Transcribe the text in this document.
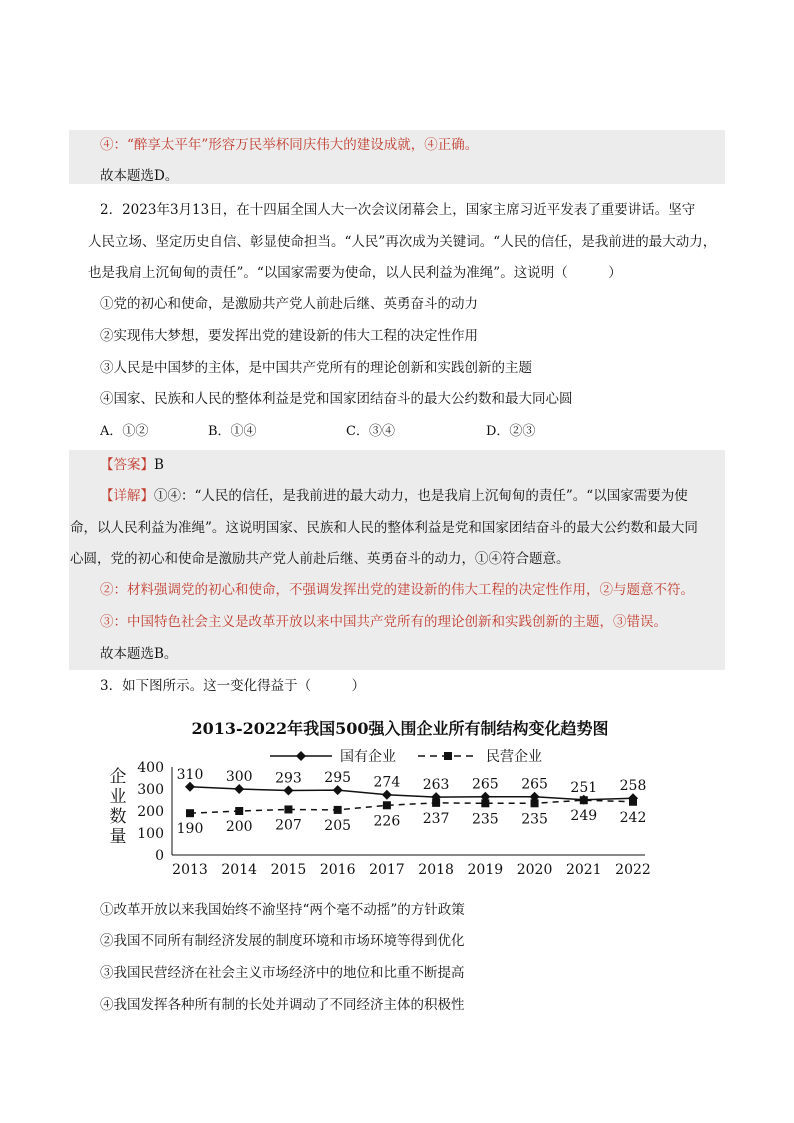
④：“醉享太平年”形容万民举杯同庆伟大的建设成就，④正确。
故本题选D。
2．2023年3月13日，在十四届全国人大一次会议闭幕会上，国家主席习近平发表了重要讲话。坚守
人民立场、坚定历史自信、彰显使命担当。“人民”再次成为关键词。“人民的信任，是我前进的最大动力，
也是我肩上沉甸甸的责任”。“以国家需要为使命，以人民利益为准绳”。这说明（　　　）
①党的初心和使命，是激励共产党人前赴后继、英勇奋斗的动力
②实现伟大梦想，要发挥出党的建设新的伟大工程的决定性作用
③人民是中国梦的主体，是中国共产党所有的理论创新和实践创新的主题
④国家、民族和人民的整体利益是党和国家团结奋斗的最大公约数和最大同心圆
A．①②	B．①④	C．③④	D．②③
【答案】B
【详解】①④：“人民的信任，是我前进的最大动力，也是我肩上沉甸甸的责任”。“以国家需要为使
命，以人民利益为准绳”。这说明国家、民族和人民的整体利益是党和国家团结奋斗的最大公约数和最大同
心圆，党的初心和使命是激励共产党人前赴后继、英勇奋斗的动力，①④符合题意。
②：材料强调党的初心和使命，不强调发挥出党的建设新的伟大工程的决定性作用，②与题意不符。
③：中国特色社会主义是改革开放以来中国共产党所有的理论创新和实践创新的主题，③错误。
故本题选B。
3．如下图所示。这一变化得益于（　　　）
2013-2022年我国500强入围企业所有制结构变化趋势图
国有企业	民营企业
0
100
200
300
400
企
业
数
量
2013 2014 2015 2016 2017 2018 2019 2020 2021 2022
310 300 293 295 274 263 265 265 251 258
190 200 207 205 226 237 235 235 249 242
①改革开放以来我国始终不渝坚持“两个毫不动摇”的方针政策
②我国不同所有制经济发展的制度环境和市场环境等得到优化
③我国民营经济在社会主义市场经济中的地位和比重不断提高
④我国发挥各种所有制的长处并调动了不同经济主体的积极性
